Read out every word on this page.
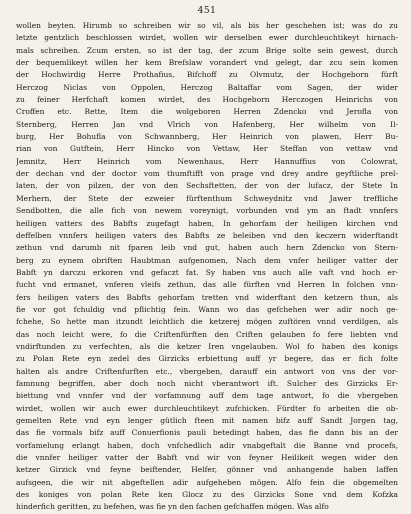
451
wollen beyten. Hirumb so schreiben wir so vil, als bis her geschehen ist; was do zu
letzte gentzlich beschlossen wirdet, wollen wir derselben ewer durchleuchtikeyt hirnach-
mals schreiben. Zcum ersten, so ist der tag, der zcum Brige solte sein gewest, durch
der bequemlikeyt willen her kem Brefslaw vorandert vnd gelegt, dar zcu sein komen
der Hochwirdig Herre Prothafius, Bifchoff zu Olvmutz, der Hochgeborn fürft
Herczog Niclas von Oppolen, Herczog Baltaffar vom Sagen, der wider
zu feiner Herfchaft komen wirdet, des Hochgeborn Herczogen Heinrichs von
Croffen etc. Rette, Item die wolgeboren Herren Zdencko vnd Jerofla von
Sternberg, Herren Jan vnd Vlrich von Hafenberg, Her wilhelm von Il-
burg, Her Bohufla von Schwannberg, Her Heinrich von plawen, Herr Bu-
rian von Gutftein, Herr Hincko von Vettaw, Her Steffan von vettaw vnd
Jemnitz, Herr Heinrich vom Newenhaus, Herr Hannuffius von Colowrat,
der dechan vnd der doctor vom thumftifft von prage vnd drey andre geyftliche prel-
laten, der von pilzen, der von den Sechsftetten, der von der lufacz, der Stete In
Merhern, der Stete der ezweier fürftenthum Schweydnitz vnd Jawer treffliche
Sendbotten, die alle fich von newem voreynigt, vorbunden vnd ym an ftadt vnnfers
heiligen vatters des Babfts zugefagt haben, In gehorfam der heiligen kirchen vnd
deffelben vnnfers heiligen vaters des Babfts ze beleiben vnd den keczern widerftandt
zethun vnd darumb nit fparen leib vnd gut, haben auch hern Zdencko von Stern-
berg zu eynem obriften Haubtman aufgenomen, Nach dem vnfer heiliger vatter der
Babft yn darczu erkoren vnd gefaczt fat. Sy haben vns auch alle vaft vnd hoch er-
fucht vnd ermanet, vnferen vleifs zethun, das alle fürften vnd Herren In folchen vnn-
fers heiligen vaters des Babfts gehorfam tretten vnd widerftant den ketzern thun, als
fie vor got fchuldig vnd pflichtig fein. Wann wo das gefchehen wer adir noch ge-
fchehe, So hette man itzundt leichtlich die ketzerej mögen zuftören vnnd verdilgen, als
das noch leicht were, fo die Criftenfürften den Criften gelauben fo fere liebten vnd
vndirftunden zu verfechten, als die ketzer Iren vngelauben. Wol fo haben des konigs
zu Polan Rete eyn zedel des Girzicks erbiettung auff yr begere, das er fich folte
halten als andre Criftenfurften etc., vbergeben, darauff ein antwort von vns der vor-
famnung begriffen, aber doch noch nicht vberantwort ift. Sulcher des Girzicks Er-
biettung vnd vnnfer vnd der vorfamnung auff dem tage antwort, fo die vbergeben
wirdet, wollen wir auch ewer durchleuchtikeyt zufchicken. Fürdter fo arbeiten die ob-
gemelten Rete vnd eyn lenger gütlich fteen mit namen bifz auff Sandt Jorgen tag,
das fie vormals bifz auff Conuerfionis pauli betedingt haben, das fie dann bis an der
vorfamelung erlangt haben, doch vnfchedlich adir vnabgeftalt die Banne vnd procefs,
die vnnfer heiliger vatter der Babft vnd wir von feyner Heilikeit wegen wider den
ketzer Girzick vnd feyne beiftender, Helfer, gönner vnd anhangende haben laffen
aufsgeen, die wir nit abgeftellen adir aufgeheben mögen. Alfo fein die obgemelten
des koniges von polan Rete ken Glocz zu des Girzicks Sone vnd dem Kofzka
hinderfich geritten, zu befehen, was fie yn den fachen gefchaffen mögen. Was alfo
